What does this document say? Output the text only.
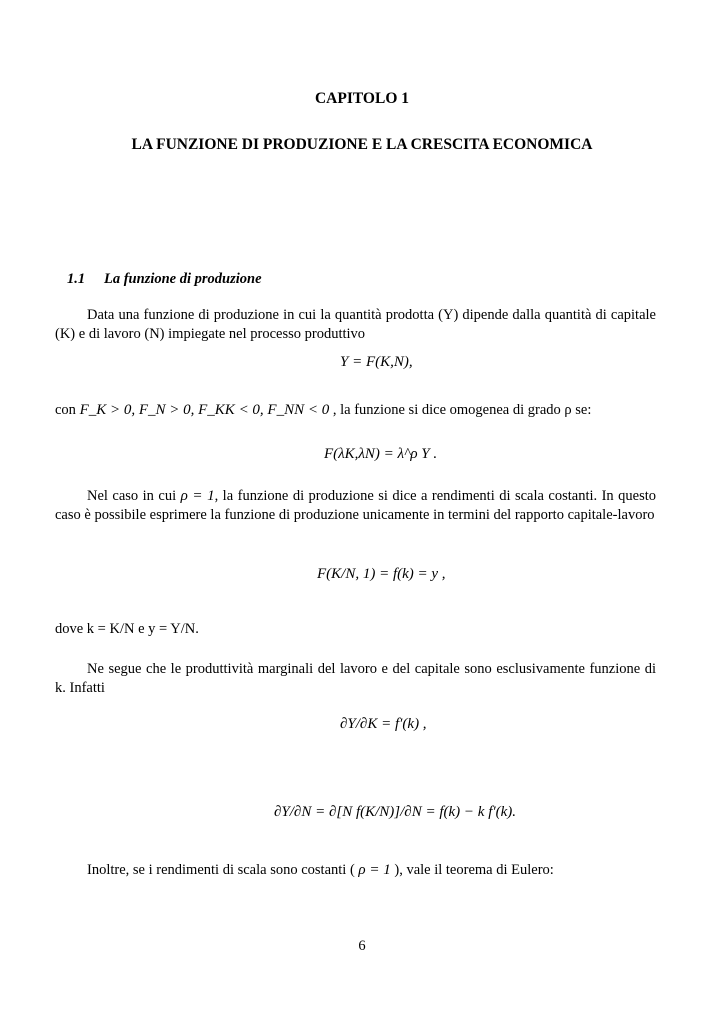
CAPITOLO 1
LA FUNZIONE DI PRODUZIONE E LA CRESCITA ECONOMICA
1.1 La funzione di produzione
Data una funzione di produzione in cui la quantità prodotta (Y) dipende dalla quantità di capitale (K) e di lavoro (N) impiegate nel processo produttivo
Y = F(K,N),
con F_K > 0, F_N > 0, F_KK < 0, F_NN < 0 , la funzione si dice omogenea di grado ρ se:
F(λK,λN) = λ^ρ Y .
Nel caso in cui ρ = 1, la funzione di produzione si dice a rendimenti di scala costanti. In questo caso è possibile esprimere la funzione di produzione unicamente in termini del rapporto capitale-lavoro
F(K/N, 1) = f(k) = y ,
dove k = K/N e y = Y/N.
Ne segue che le produttività marginali del lavoro e del capitale sono esclusivamente funzione di k. Infatti
∂Y/∂K = f′(k) ,
∂Y/∂N = ∂[N f(K/N)]/∂N = f(k) − k f′(k).
Inoltre, se i rendimenti di scala sono costanti ( ρ = 1 ), vale il teorema di Eulero:
6
